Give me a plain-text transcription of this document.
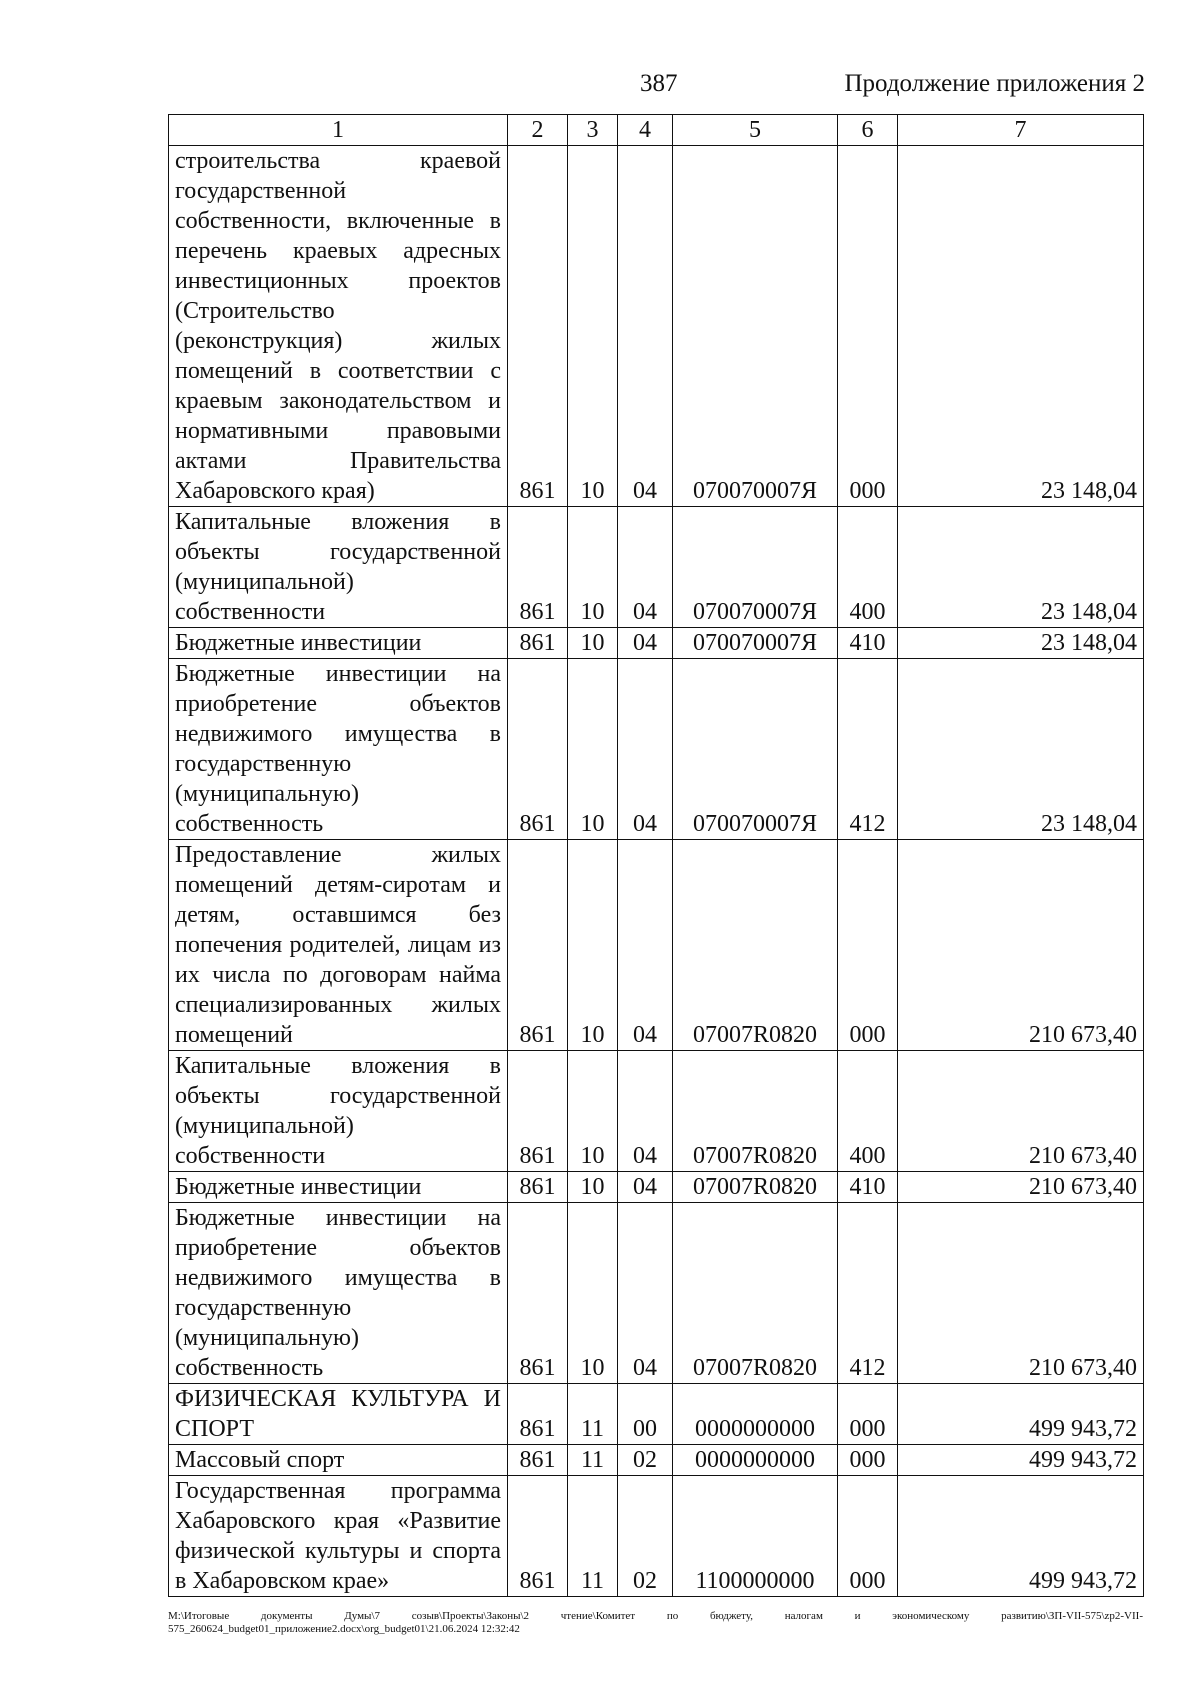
387	Продолжение приложения 2
1	2	3	4	5	6	7
строительства краевой государственной собственности, включенные в перечень краевых адресных инвестиционных проектов (Строительство (реконструкция) жилых помещений в соответствии с краевым законодательством и нормативными правовыми актами Правительства Хабаровского края)	861	10	04	070070007Я	000	23 148,04
Капитальные вложения в объекты государственной (муниципальной) собственности	861	10	04	070070007Я	400	23 148,04
Бюджетные инвестиции	861	10	04	070070007Я	410	23 148,04
Бюджетные инвестиции на приобретение объектов недвижимого имущества в государственную (муниципальную) собственность	861	10	04	070070007Я	412	23 148,04
Предоставление жилых помещений детям-сиротам и детям, оставшимся без попечения родителей, лицам из их числа по договорам найма специализированных жилых помещений	861	10	04	07007R0820	000	210 673,40
Капитальные вложения в объекты государственной (муниципальной) собственности	861	10	04	07007R0820	400	210 673,40
Бюджетные инвестиции	861	10	04	07007R0820	410	210 673,40
Бюджетные инвестиции на приобретение объектов недвижимого имущества в государственную (муниципальную) собственность	861	10	04	07007R0820	412	210 673,40
ФИЗИЧЕСКАЯ КУЛЬТУРА И СПОРТ	861	11	00	0000000000	000	499 943,72
Массовый спорт	861	11	02	0000000000	000	499 943,72
Государственная программа Хабаровского края «Развитие физической культуры и спорта в Хабаровском крае»	861	11	02	1100000000	000	499 943,72
M:\Итоговые документы Думы\7 созыв\Проекты\Законы\2 чтение\Комитет по бюджету, налогам и экономическому развитию\ЗП-VII-575\zp2-VII-575_260624_budget01_приложение2.docx\org_budget01\21.06.2024 12:32:42
